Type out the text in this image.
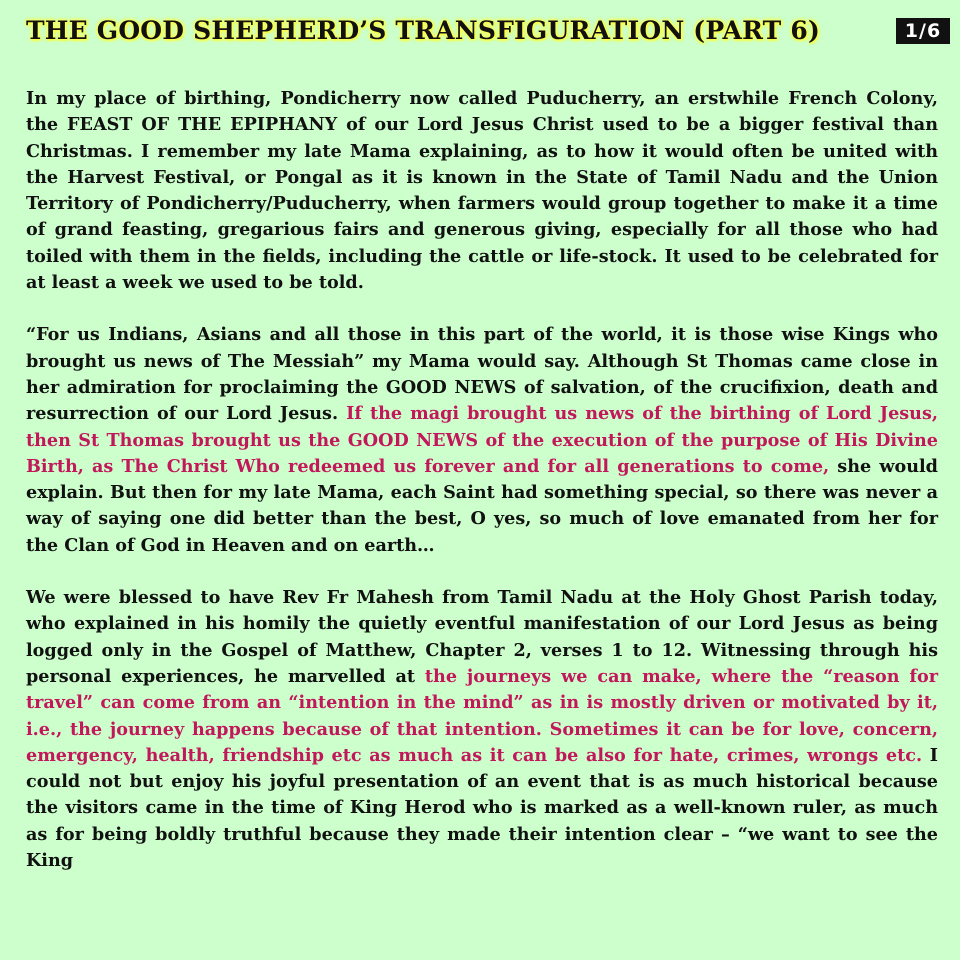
THE GOOD SHEPHERD’S TRANSFIGURATION (PART 6)	1/6

In my place of birthing, Pondicherry now called Puducherry, an erstwhile French Colony, the FEAST OF THE EPIPHANY of our Lord Jesus Christ used to be a bigger festival than Christmas. I remember my late Mama explaining, as to how it would often be united with the Harvest Festival, or Pongal as it is known in the State of Tamil Nadu and the Union Territory of Pondicherry/Puducherry, when farmers would group together to make it a time of grand feasting, gregarious fairs and generous giving, especially for all those who had toiled with them in the fields, including the cattle or life-stock. It used to be celebrated for at least a week we used to be told.

“For us Indians, Asians and all those in this part of the world, it is those wise Kings who brought us news of The Messiah” my Mama would say. Although St Thomas came close in her admiration for proclaiming the GOOD NEWS of salvation, of the crucifixion, death and resurrection of our Lord Jesus. If the magi brought us news of the birthing of Lord Jesus, then St Thomas brought us the GOOD NEWS of the execution of the purpose of His Divine Birth, as The Christ Who redeemed us forever and for all generations to come, she would explain. But then for my late Mama, each Saint had something special, so there was never a way of saying one did better than the best, O yes, so much of love emanated from her for the Clan of God in Heaven and on earth…

We were blessed to have Rev Fr Mahesh from Tamil Nadu at the Holy Ghost Parish today, who explained in his homily the quietly eventful manifestation of our Lord Jesus as being logged only in the Gospel of Matthew, Chapter 2, verses 1 to 12. Witnessing through his personal experiences, he marvelled at the journeys we can make, where the “reason for travel” can come from an “intention in the mind” as in is mostly driven or motivated by it, i.e., the journey happens because of that intention. Sometimes it can be for love, concern, emergency, health, friendship etc as much as it can be also for hate, crimes, wrongs etc. I could not but enjoy his joyful presentation of an event that is as much historical because the visitors came in the time of King Herod who is marked as a well-known ruler, as much as for being boldly truthful because they made their intention clear – “we want to see the King
